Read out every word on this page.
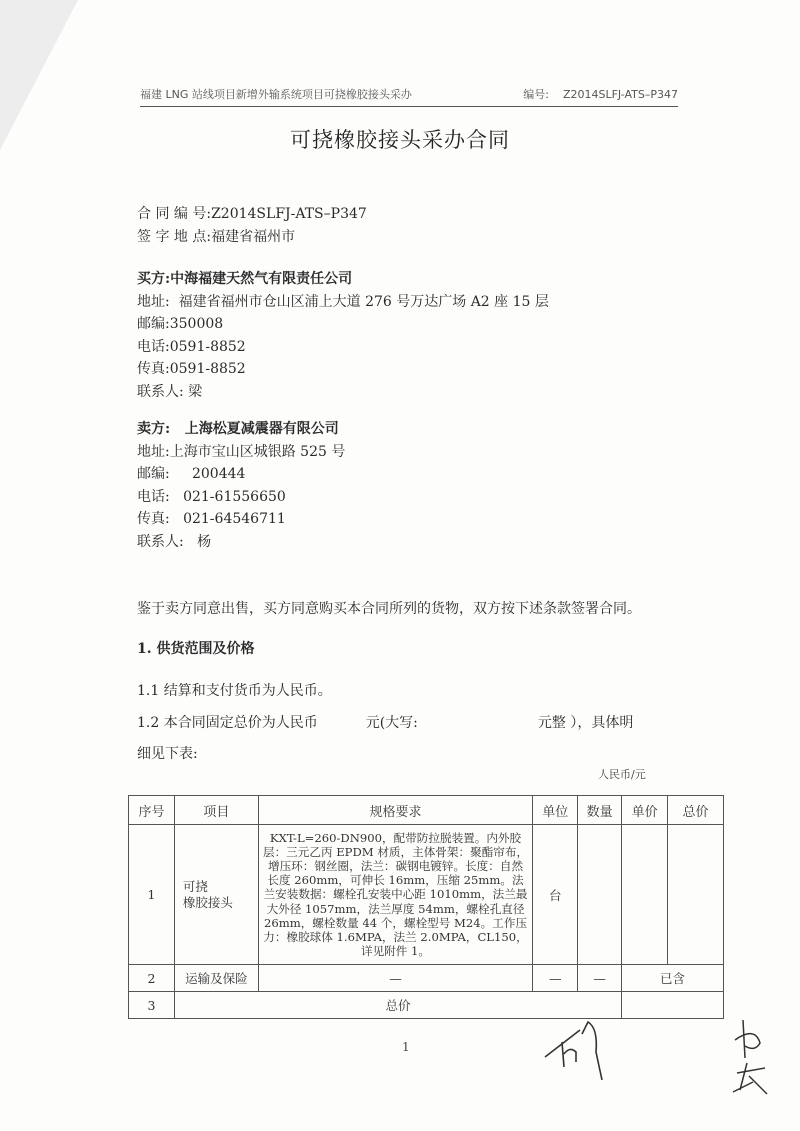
福建 LNG 站线项目新增外输系统项目可挠橡胶接头采办	编号: Z2014SLFJ-ATS–P347
可挠橡胶接头采办合同
合 同 编 号:Z2014SLFJ-ATS–P347
签 字 地 点:福建省福州市
买方:中海福建天然气有限责任公司
地址: 福建省福州市仓山区浦上大道 276 号万达广场 A2 座 15 层
邮编:350008
电话:0591-8852
传真:0591-8852
联系人: 梁
卖方: 上海松夏减震器有限公司
地址:上海市宝山区城银路 525 号
邮编: 200444
电话: 021-61556650
传真: 021-64546711
联系人: 杨
鉴于卖方同意出售，买方同意购买本合同所列的货物，双方按下述条款签署合同。
1. 供货范围及价格
1.1 结算和支付货币为人民币。
1.2 本合同固定总价为人民币	元(大写:	元整 ），具体明
细见下表:
人民币/元
序号	项目	规格要求	单位	数量	单价	总价
1	可挠
橡胶接头	KXT-L=260-DN900，配带防拉脱装置。内外胶层：三元乙丙 EPDM 材质，主体骨架：聚酯帘布，增压环：钢丝圈，法兰：碳钢电镀锌。长度：自然长度 260mm，可伸长 16mm，压缩 25mm。法兰安装数据：螺栓孔安装中心距 1010mm，法兰最大外径 1057mm，法兰厚度 54mm，螺栓孔直径 26mm，螺栓数量 44 个，螺栓型号 M24。工作压力：橡胶球体 1.6MPA，法兰 2.0MPA，CL150，详见附件 1。	台			
2	运输及保险	—	—	—	已含	
3	总价					
1
